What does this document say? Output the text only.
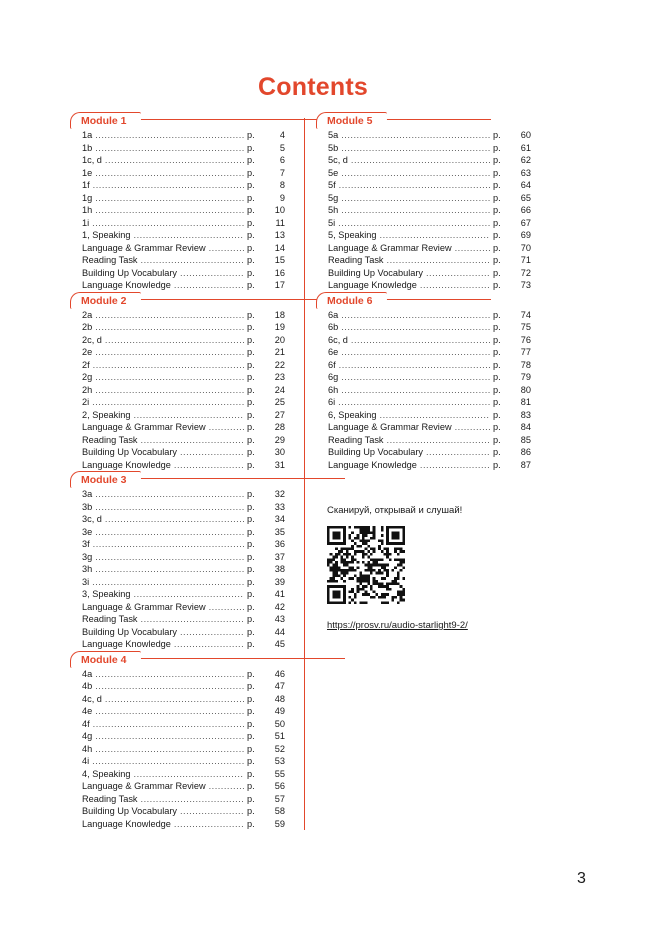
Contents
Module 1
1a .....	p.	4
1b .....	p.	5
1c, d .....	p.	6
1e .....	p.	7
1f .....	p.	8
1g .....	p.	9
1h .....	p.	10
1i .....	p.	11
1, Speaking .....	p.	13
Language & Grammar Review .....	p.	14
Reading Task .....	p.	15
Building Up Vocabulary .....	p.	16
Language Knowledge .....	p.	17
Module 2
2a .....	p.	18
2b .....	p.	19
2c, d .....	p.	20
2e .....	p.	21
2f .....	p.	22
2g .....	p.	23
2h .....	p.	24
2i .....	p.	25
2, Speaking .....	p.	27
Language & Grammar Review .....	p.	28
Reading Task .....	p.	29
Building Up Vocabulary .....	p.	30
Language Knowledge .....	p.	31
Module 3
3a .....	p.	32
3b .....	p.	33
3c, d .....	p.	34
3e .....	p.	35
3f .....	p.	36
3g .....	p.	37
3h .....	p.	38
3i .....	p.	39
3, Speaking .....	p.	41
Language & Grammar Review .....	p.	42
Reading Task .....	p.	43
Building Up Vocabulary .....	p.	44
Language Knowledge .....	p.	45
Module 4
4a .....	p.	46
4b .....	p.	47
4c, d .....	p.	48
4e .....	p.	49
4f .....	p.	50
4g .....	p.	51
4h .....	p.	52
4i .....	p.	53
4, Speaking .....	p.	55
Language & Grammar Review .....	p.	56
Reading Task .....	p.	57
Building Up Vocabulary .....	p.	58
Language Knowledge .....	p.	59
Module 5
5a .....	p.	60
5b .....	p.	61
5c, d .....	p.	62
5e .....	p.	63
5f .....	p.	64
5g .....	p.	65
5h .....	p.	66
5i .....	p.	67
5, Speaking .....	p.	69
Language & Grammar Review .....	p.	70
Reading Task .....	p.	71
Building Up Vocabulary .....	p.	72
Language Knowledge .....	p.	73
Module 6
6a .....	p.	74
6b .....	p.	75
6c, d .....	p.	76
6e .....	p.	77
6f .....	p.	78
6g .....	p.	79
6h .....	p.	80
6i .....	p.	81
6, Speaking .....	p.	83
Language & Grammar Review .....	p.	84
Reading Task .....	p.	85
Building Up Vocabulary .....	p.	86
Language Knowledge .....	p.	87
Сканируй, открывай и слушай!
https://prosv.ru/audio-starlight9-2/
3
